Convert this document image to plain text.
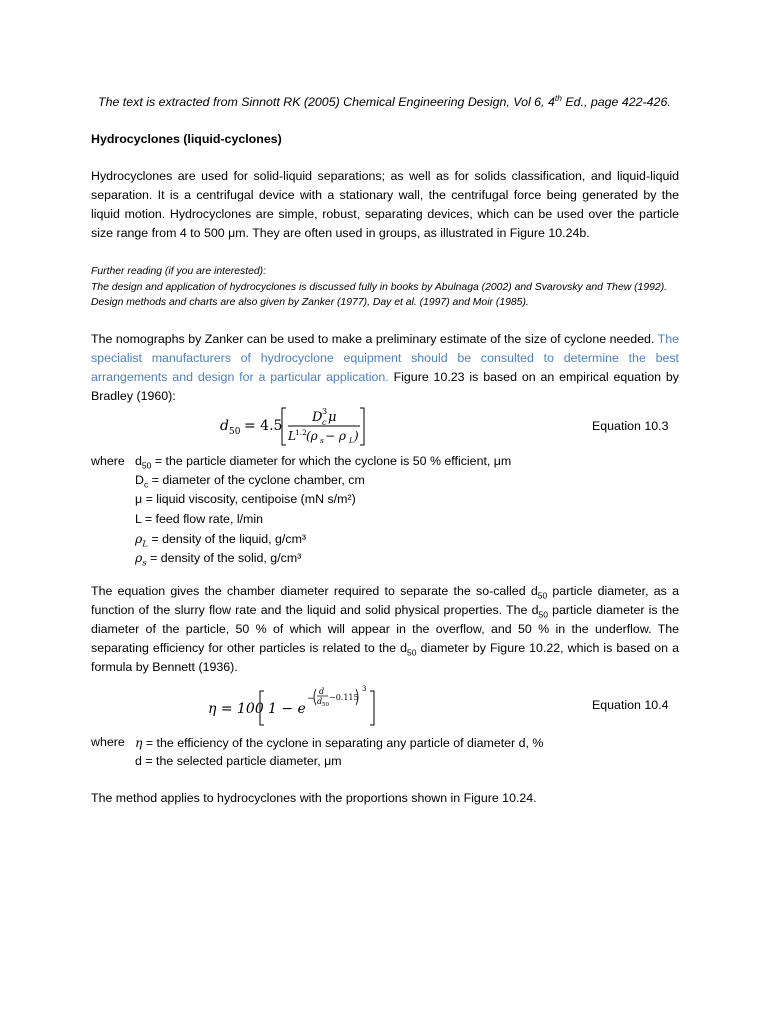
The text is extracted from Sinnott RK (2005) Chemical Engineering Design, Vol 6, 4th Ed., page 422-426.
Hydrocyclones (liquid-cyclones)
Hydrocyclones are used for solid-liquid separations; as well as for solids classification, and liquid-liquid separation. It is a centrifugal device with a stationary wall, the centrifugal force being generated by the liquid motion. Hydrocyclones are simple, robust, separating devices, which can be used over the particle size range from 4 to 500 μm. They are often used in groups, as illustrated in Figure 10.24b.
Further reading (if you are interested):
The design and application of hydrocyclones is discussed fully in books by Abulnaga (2002) and Svarovsky and Thew (1992). Design methods and charts are also given by Zanker (1977), Day et al. (1997) and Moir (1985).
The nomographs by Zanker can be used to make a preliminary estimate of the size of cyclone needed. The specialist manufacturers of hydrocyclone equipment should be consulted to determine the best arrangements and design for a particular application. Figure 10.23 is based on an empirical equation by Bradley (1960):
d 50 = 4.5
D 3
c μ
L 1.2 (ρ s − ρ L )
Equation 10.3
where $d_{50}$ = the particle diameter for which the cyclone is 50 % efficient, μm
$D_c$ = diameter of the cyclone chamber, cm
μ = liquid viscosity, centipoise (mN s/m²)
L = feed flow rate, l/min
$\rho_L$ = density of the liquid, g/cm³
$\rho_s$ = density of the solid, g/cm³
The equation gives the chamber diameter required to separate the so-called $d_{50}$ particle diameter, as a function of the slurry flow rate and the liquid and solid physical properties. The $d_{50}$ particle diameter is the diameter of the particle, 50 % of which will appear in the overflow, and 50 % in the underflow. The separating efficiency for other particles is related to the $d_{50}$ diameter by Figure 10.22, which is based on a formula by Bennett (1936).
η = 100 1 − e
−
d
d 50
−0.115
3
Equation 10.4
where η = the efficiency of the cyclone in separating any particle of diameter d, %
d = the selected particle diameter, μm
The method applies to hydrocyclones with the proportions shown in Figure 10.24.
